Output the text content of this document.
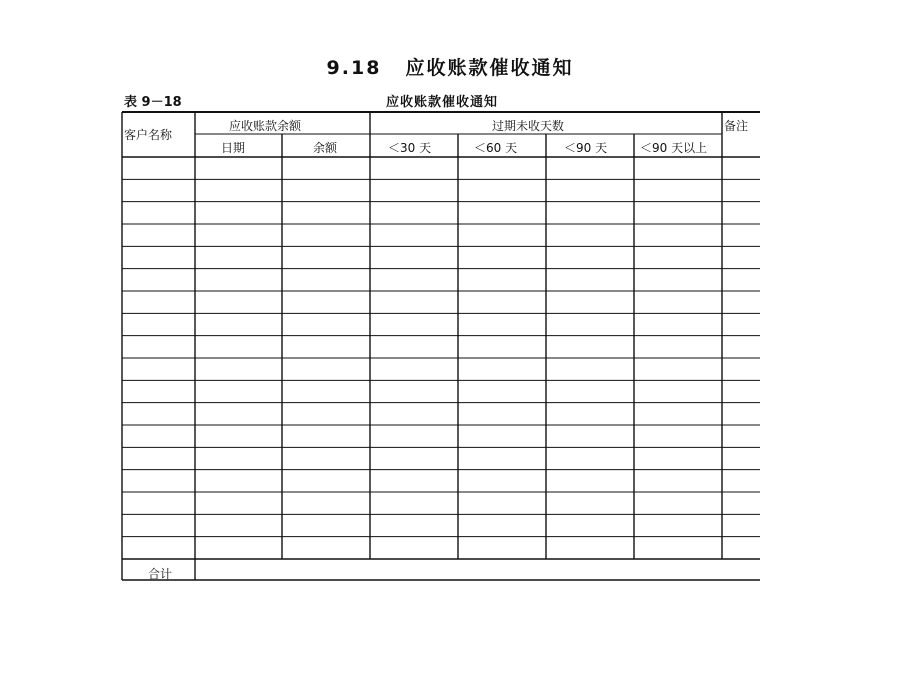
9.18 应收账款催收通知
表 9－18	应收账款催收通知
客户名称
应收账款余额
日期	余额
过期未收天数
＜30 天	＜60 天	＜90 天	＜90 天以上
备注
合计
